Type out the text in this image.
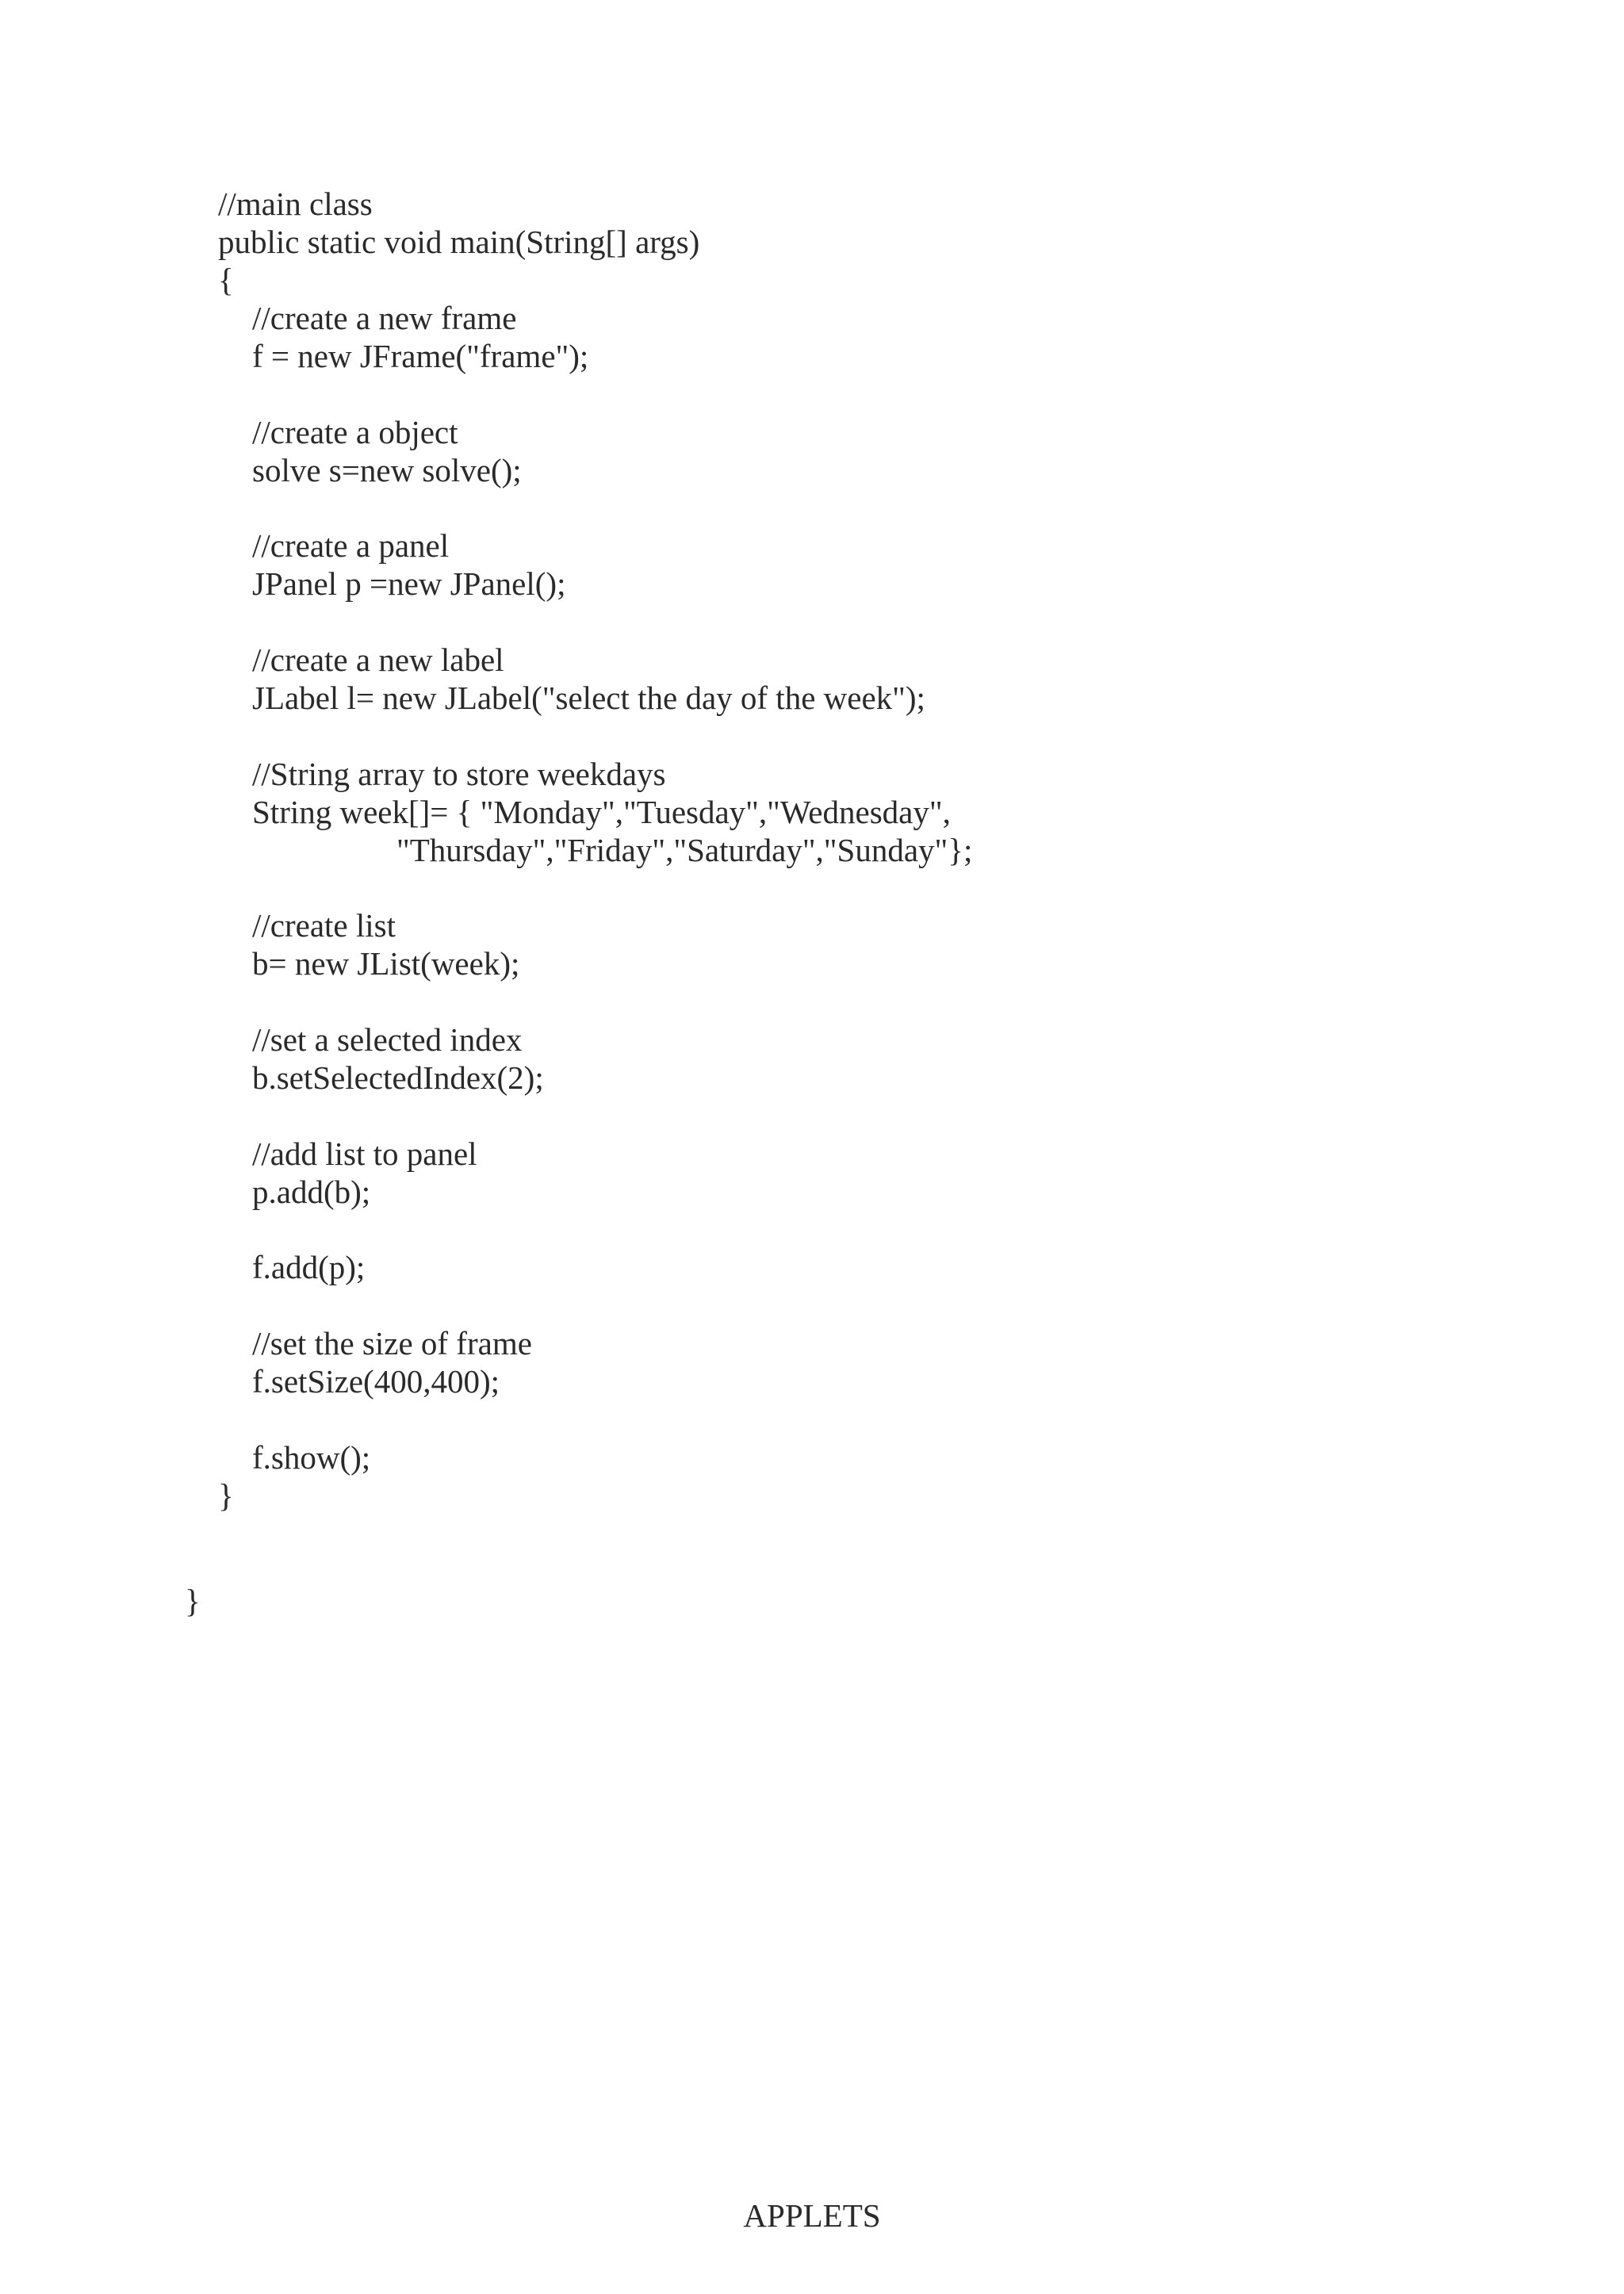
//main class
public static void main(String[] args)
{
//create a new frame
f = new JFrame("frame");
//create a object
solve s=new solve();
//create a panel
JPanel p =new JPanel();
//create a new label
JLabel l= new JLabel("select the day of the week");
//String array to store weekdays
String week[]= { "Monday","Tuesday","Wednesday",
"Thursday","Friday","Saturday","Sunday"};
//create list
b= new JList(week);
//set a selected index
b.setSelectedIndex(2);
//add list to panel
p.add(b);
f.add(p);
//set the size of frame
f.setSize(400,400);
f.show();
}
}
APPLETS
